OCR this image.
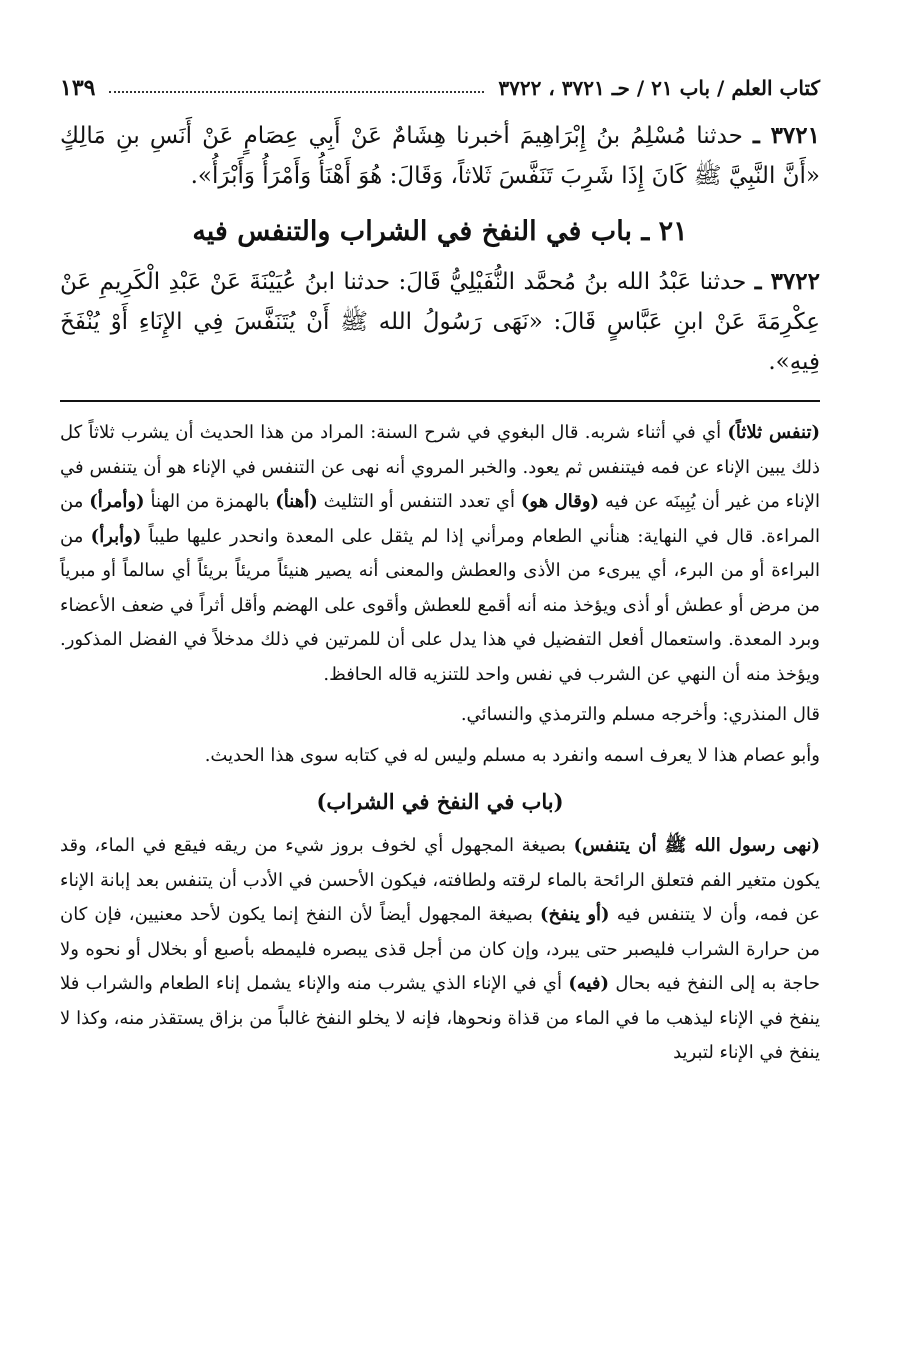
كتاب العلم / باب ٢١ / حـ ٣٧٢١ ، ٣٧٢٢
١٣٩

٣٧٢١ ـ حدثنا مُسْلِمُ بنُ إِبْرَاهِيمَ أخبرنا هِشَامٌ عَنْ أَبِي عِصَامٍ عَنْ أَنَسِ بنِ مَالِكٍ «أَنَّ النَّبِيَّ ﷺ كَانَ إِذَا شَرِبَ تَنَفَّسَ ثَلاثاً، وَقَالَ: هُوَ أَهْنَأُ وَأَمْرَأُ وَأَبْرَأُ».

٢١ ـ باب في النفخ في الشراب والتنفس فيه

٣٧٢٢ ـ حدثنا عَبْدُ الله بنُ مُحمَّد النُّفَيْلِيُّ قَالَ: حدثنا ابنُ عُيَيْنَةَ عَنْ عَبْدِ الْكَرِيمِ عَنْ عِكْرِمَةَ عَنْ ابنِ عَبَّاسٍ قَالَ: «نَهَى رَسُولُ الله ﷺ أَنْ يُتَنَفَّسَ فِي الإِنَاءِ أَوْ يُنْفَخَ فِيهِ».

(تنفس ثلاثاً) أي في أثناء شربه. قال البغوي في شرح السنة: المراد من هذا الحديث أن يشرب ثلاثاً كل ذلك يبين الإناء عن فمه فيتنفس ثم يعود. والخبر المروي أنه نهى عن التنفس في الإناء هو أن يتنفس في الإناء من غير أن يُبِينَه عن فيه (وقال هو) أي تعدد التنفس أو التثليث (أهنأ) بالهمزة من الهنأ (وأمرأ) من المراءة. قال في النهاية: هنأني الطعام ومرأني إذا لم يثقل على المعدة وانحدر عليها طيباً (وأبرأ) من البراءة أو من البرء، أي يبرىء من الأذى والعطش والمعنى أنه يصير هنيئاً مريئاً بريئاً أي سالماً أو مبرياً من مرض أو عطش أو أذى ويؤخذ منه أنه أقمع للعطش وأقوى على الهضم وأقل أثراً في ضعف الأعضاء وبرد المعدة. واستعمال أفعل التفضيل في هذا يدل على أن للمرتين في ذلك مدخلاً في الفضل المذكور. ويؤخذ منه أن النهي عن الشرب في نفس واحد للتنزيه قاله الحافظ.

قال المنذري: وأخرجه مسلم والترمذي والنسائي.

وأبو عصام هذا لا يعرف اسمه وانفرد به مسلم وليس له في كتابه سوى هذا الحديث.

(باب في النفخ في الشراب)

(نهى رسول الله ﷺ أن يتنفس) بصيغة المجهول أي لخوف بروز شيء من ريقه فيقع في الماء، وقد يكون متغير الفم فتعلق الرائحة بالماء لرقته ولطافته، فيكون الأحسن في الأدب أن يتنفس بعد إبانة الإناء عن فمه، وأن لا يتنفس فيه (أو ينفخ) بصيغة المجهول أيضاً لأن النفخ إنما يكون لأحد معنيين، فإن كان من حرارة الشراب فليصبر حتى يبرد، وإن كان من أجل قذى يبصره فليمطه بأصبع أو بخلال أو نحوه ولا حاجة به إلى النفخ فيه بحال (فيه) أي في الإناء الذي يشرب منه والإناء يشمل إناء الطعام والشراب فلا ينفخ في الإناء ليذهب ما في الماء من قذاة ونحوها، فإنه لا يخلو النفخ غالباً من بزاق يستقذر منه، وكذا لا ينفخ في الإناء لتبريد
